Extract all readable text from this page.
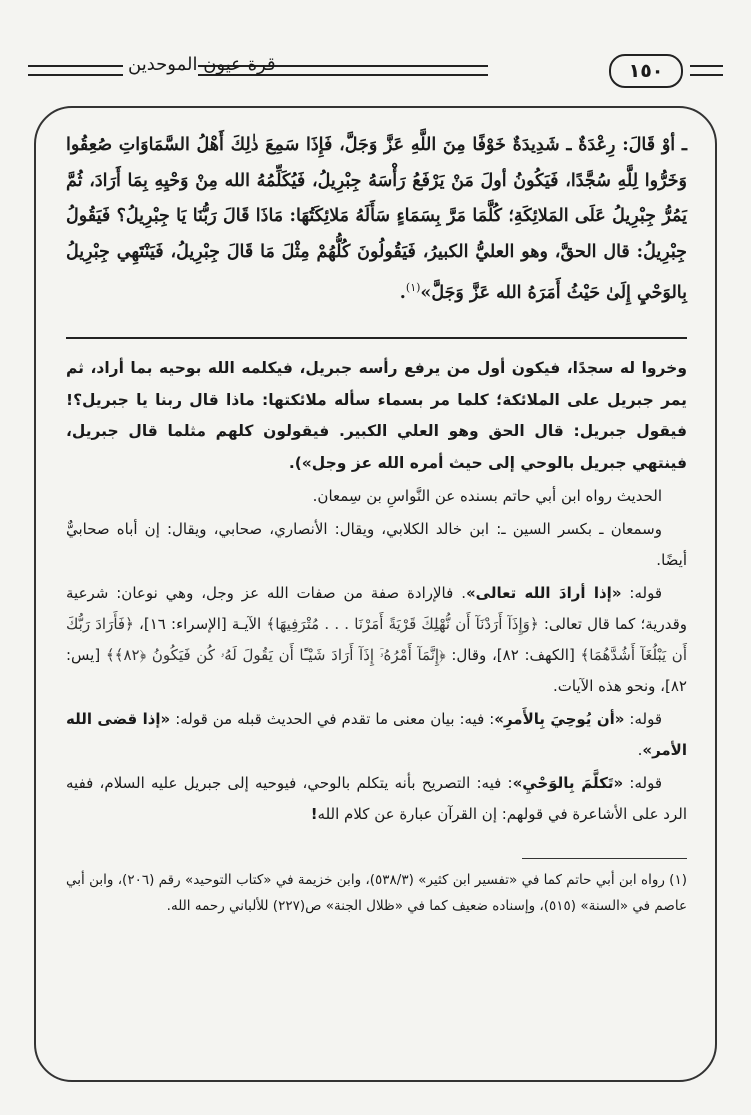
١٥٠
قرة عيون الموحدين

ـ أوْ قَالَ: رِعْدَةٌ ـ شَدِيدَةٌ خَوْفًا مِنَ اللَّهِ عَزَّ وَجَلَّ، فَإِذَا سَمِعَ ذٰلِكَ أَهْلُ السَّمَاوَاتِ صُعِقُوا وَخَرُّوا لِلَّهِ سُجَّدًا، فَيَكُونُ أولَ مَنْ يَرْفَعُ رَأْسَهُ جِبْرِيلُ، فَيُكَلِّمُهُ الله مِنْ وَحْيِهِ بِمَا أَرَادَ، ثُمَّ يَمُرُّ جِبْرِيلُ عَلَى المَلائِكَةِ؛ كُلَّمَا مَرَّ بِسَمَاءٍ سَأَلَهُ مَلائِكَتُهَا: مَاذَا قَالَ رَبُّنَا يَا جِبْرِيلُ؟ فَيَقُولُ جِبْرِيلُ: قال الحقَّ، وهو العليُّ الكبيرُ، فَيَقُولُونَ كُلُّهُمْ مِثْلَ مَا قَالَ جِبْرِيلُ، فَيَنْتَهِي جِبْرِيلُ بِالوَحْيِ إِلَىٰ حَيْثُ أَمَرَهُ الله عَزَّ وَجَلَّ»$^{(١)}$.

وخروا له سجدًا، فيكون أول من يرفع رأسه جبريل، فيكلمه الله بوحيه بما أراد، ثم يمر جبريل على الملائكة؛ كلما مر بسماء سأله ملائكتها: ماذا قال ربنا يا جبريل؟! فيقول جبريل: قال الحق وهو العلي الكبير. فيقولون كلهم مثلما قال جبريل، فينتهي جبريل بالوحي إلى حيث أمره الله عز وجل»).

الحديث رواه ابن أبي حاتم بسنده عن النَّواسِ بن سِمعان.

وسمعان ـ بكسر السين ـ: ابن خالد الكلابي، ويقال: الأنصاري، صحابي، ويقال: إن أباه صحابيٌّ أيضًا.

قوله: «إذا أرادَ الله تعالى». فالإرادة صفة من صفات الله عز وجل، وهي نوعان: شرعية وقدرية؛ كما قال تعالى: ﴿وَإِذَآ أَرَدْنَآ أَن نُّهْلِكَ قَرْيَةً أَمَرْنَا . . . مُتْرَفِيهَا﴾ الآيـة [الإسراء: ١٦]، ﴿فَأَرَادَ رَبُّكَ أَن يَبْلُغَآ أَشُدَّهُمَا﴾ [الكهف: ٨٢]، وقال: ﴿إِنَّمَآ أَمْرُهُۥٓ إِذَآ أَرَادَ شَيْـًٔا أَن يَقُولَ لَهُۥ كُن فَيَكُونُ ﴿٨٢﴾﴾ [يس: ٨٢]، ونحو هذه الآيات.

قوله: «أن يُوحِيَ بِالأَمرِ»: فيه: بيان معنى ما تقدم في الحديث قبله من قوله: «إذا قضى الله الأمر».

قوله: «تَكلَّمَ بِالوَحْيِ»: فيه: التصريح بأنه يتكلم بالوحي، فيوحيه إلى جبريل عليه السلام، ففيه الرد على الأشاعرة في قولهم: إن القرآن عبارة عن كلام الله!

(١) رواه ابن أبي حاتم كما في «تفسير ابن كثير» (٥٣٨/٣)، وابن خزيمة في «كتاب التوحيد» رقم (٢٠٦)، وابن أبي عاصم في «السنة» (٥١٥)، وإسناده ضعيف كما في «ظلال الجنة» ص(٢٢٧) للألباني رحمه الله.
